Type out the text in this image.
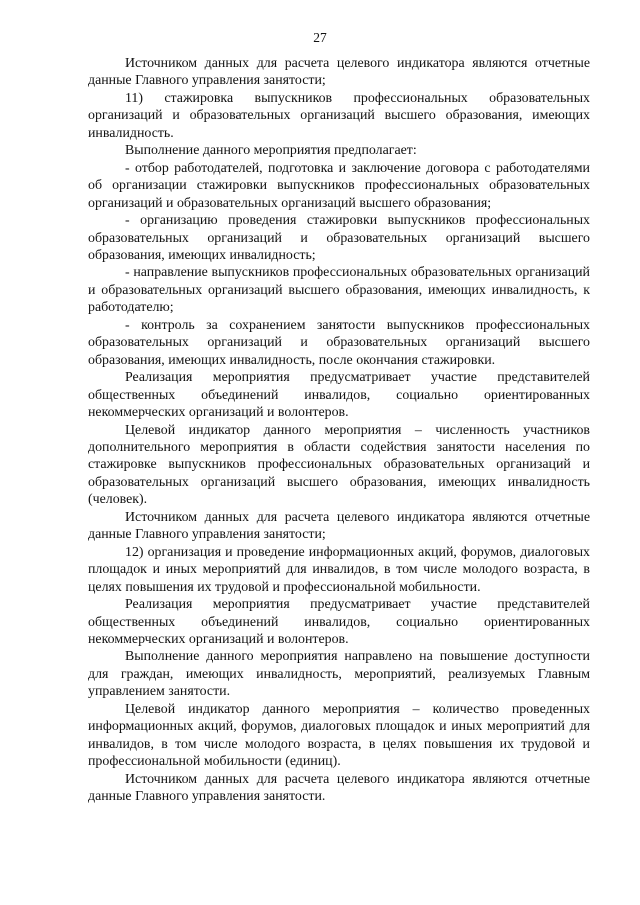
27

Источником данных для расчета целевого индикатора являются отчетные данные Главного управления занятости;

11) стажировка выпускников профессиональных образовательных организаций и образовательных организаций высшего образования, имеющих инвалидность.

Выполнение данного мероприятия предполагает:

- отбор работодателей, подготовка и заключение договора с работодателями об организации стажировки выпускников профессиональных образовательных организаций и образовательных организаций высшего образования;

- организацию проведения стажировки выпускников профессиональных образовательных организаций и образовательных организаций высшего образования, имеющих инвалидность;

- направление выпускников профессиональных образовательных организаций и образовательных организаций высшего образования, имеющих инвалидность, к работодателю;

- контроль за сохранением занятости выпускников профессиональных образовательных организаций и образовательных организаций высшего образования, имеющих инвалидность, после окончания стажировки.

Реализация мероприятия предусматривает участие представителей общественных объединений инвалидов, социально ориентированных некоммерческих организаций и волонтеров.

Целевой индикатор данного мероприятия – численность участников дополнительного мероприятия в области содействия занятости населения по стажировке выпускников профессиональных образовательных организаций и образовательных организаций высшего образования, имеющих инвалидность (человек).

Источником данных для расчета целевого индикатора являются отчетные данные Главного управления занятости;

12) организация и проведение информационных акций, форумов, диалоговых площадок и иных мероприятий для инвалидов, в том числе молодого возраста, в целях повышения их трудовой и профессиональной мобильности.

Реализация мероприятия предусматривает участие представителей общественных объединений инвалидов, социально ориентированных некоммерческих организаций и волонтеров.

Выполнение данного мероприятия направлено на повышение доступности для граждан, имеющих инвалидность, мероприятий, реализуемых Главным управлением занятости.

Целевой индикатор данного мероприятия – количество проведенных информационных акций, форумов, диалоговых площадок и иных мероприятий для инвалидов, в том числе молодого возраста, в целях повышения их трудовой и профессиональной мобильности (единиц).

Источником данных для расчета целевого индикатора являются отчетные данные Главного управления занятости.
